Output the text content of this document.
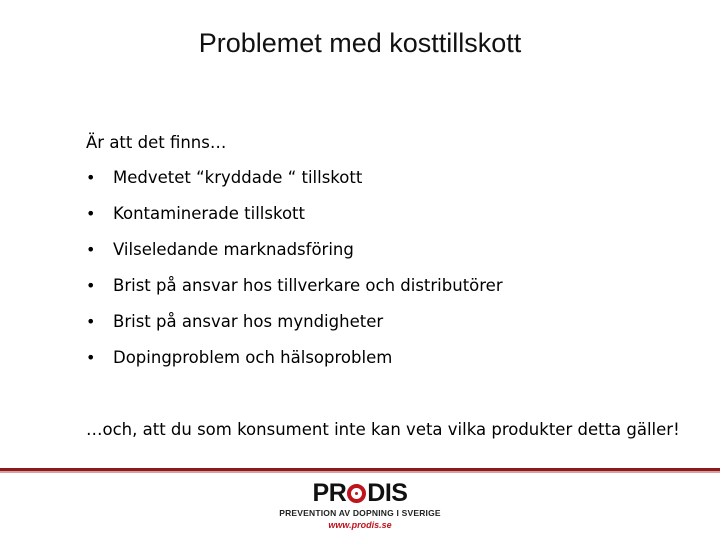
Problemet med kosttillskott
Är att det finns…
•	Medvetet “kryddade “ tillskott
•	Kontaminerade tillskott
•	Vilseledande marknadsföring
•	Brist på ansvar hos tillverkare och distributörer
•	Brist på ansvar hos myndigheter
•	Dopingproblem och hälsoproblem
…och, att du som konsument inte kan veta vilka produkter detta gäller!
PR DIS
PREVENTION AV DOPNING I SVERIGE
www.prodis.se
